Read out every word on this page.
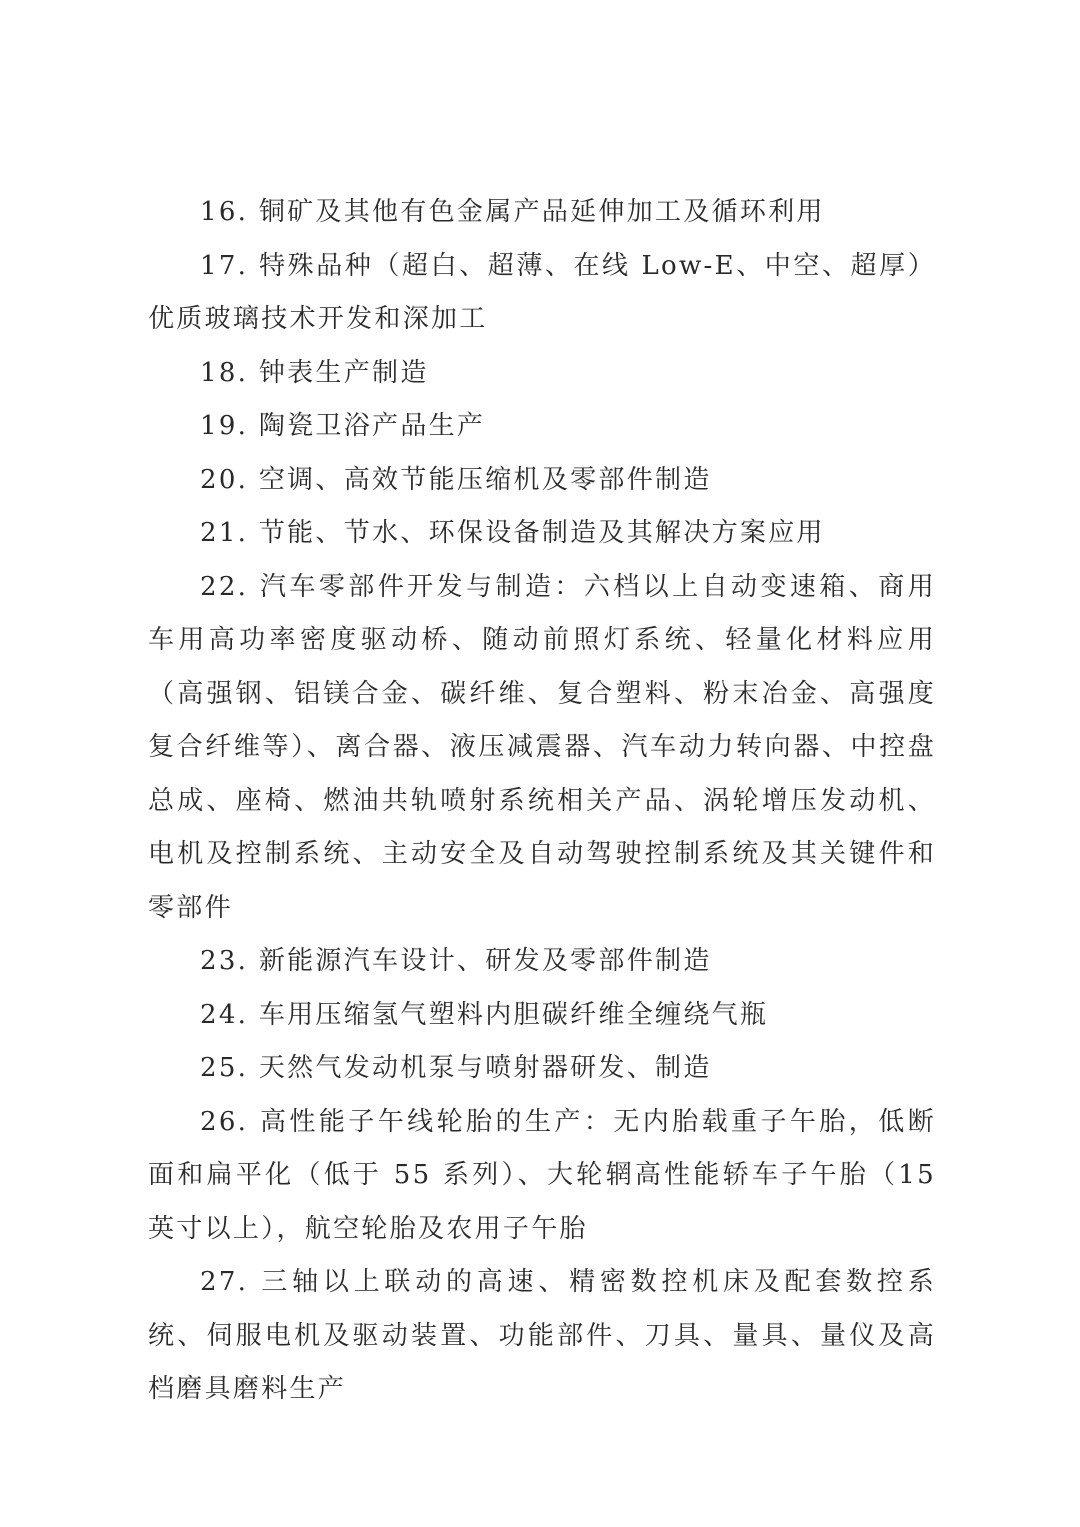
16. 铜矿及其他有色金属产品延伸加工及循环利用

17. 特殊品种（超白、超薄、在线 Low-E、中空、超厚）优质玻璃技术开发和深加工

18. 钟表生产制造

19. 陶瓷卫浴产品生产

20. 空调、高效节能压缩机及零部件制造

21. 节能、节水、环保设备制造及其解决方案应用

22. 汽车零部件开发与制造：六档以上自动变速箱、商用车用高功率密度驱动桥、随动前照灯系统、轻量化材料应用（高强钢、铝镁合金、碳纤维、复合塑料、粉末冶金、高强度复合纤维等）、离合器、液压减震器、汽车动力转向器、中控盘总成、座椅、燃油共轨喷射系统相关产品、涡轮增压发动机、电机及控制系统、主动安全及自动驾驶控制系统及其关键件和零部件

23. 新能源汽车设计、研发及零部件制造

24. 车用压缩氢气塑料内胆碳纤维全缠绕气瓶

25. 天然气发动机泵与喷射器研发、制造

26. 高性能子午线轮胎的生产：无内胎载重子午胎，低断面和扁平化（低于 55 系列）、大轮辋高性能轿车子午胎（15 英寸以上），航空轮胎及农用子午胎

27. 三轴以上联动的高速、精密数控机床及配套数控系统、伺服电机及驱动装置、功能部件、刀具、量具、量仪及高档磨具磨料生产
